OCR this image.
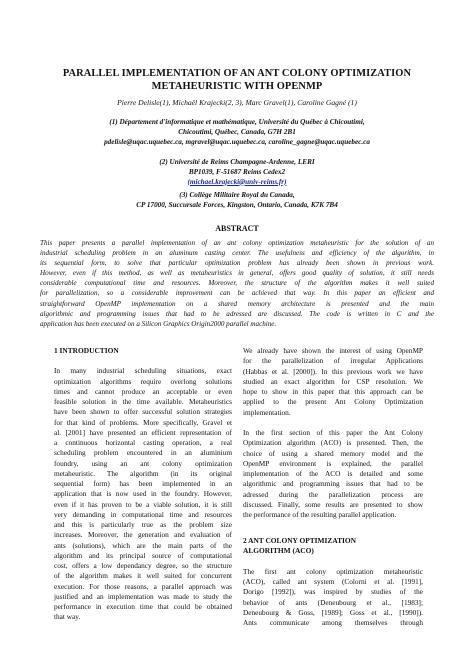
PARALLEL IMPLEMENTATION OF AN ANT COLONY OPTIMIZATION
METAHEURISTIC WITH OPENMP
Pierre Delisle(1), Michaël Krajecki(2, 3), Marc Gravel(1), Caroline Gagné (1)
(1) Département d'informatique et mathématique, Université du Québec à Chicoutimi,
Chicoutimi, Québec, Canada, G7H 2B1
pdelisle@uqac.uquebec.ca, mgravel@uqac.uquebec.ca, caroline_gagne@uqac.uquebec.ca
(2) Université de Reims Champagne-Ardenne, LERI
BP1039, F-51687 Reims Cedex2
(michael.krajecki@univ-reims.fr)
(3) Collège Militaire Royal du Canada,
CP 17000, Succursale Forces, Kingston, Ontario, Canada, K7K 7B4
ABSTRACT
This paper presents a parallel implementation of an ant colony optimization metaheuristic for the solution of an
industrial scheduling problem in an aluminum casting center. The usefulness and efficiency of the algorithm, in
its sequential form, to solve that particular optimization problem has already been shown in previous work.
However, even if this method, as well as metaheuristics in general, offers good quality of solution, it still needs
considerable computational time and resources. Moreover, the structure of the algorithm makes it well suited
for parallelization, so a considerable improvement can be achieved that way. In this paper an efficient and
straightforward OpenMP implementation on a shared memory architecture is presented and the main
algorithmic and programming issues that had to be adressed are discussed. The code is written in C and the
application has been executed on a Silicon Graphics Origin2000 parallel machine.
1 INTRODUCTION
In many industrial scheduling situations, exact
optimization algorithms require overlong solutions
times and cannot produce an acceptable or even
feasible solution in the time available. Metaheuristics
have been shown to offer successful solution strategies
for that kind of problems. More specifically, Gravel et
al. [2001] have presented an efficient representation of
a continuous horizontal casting operation, a real
scheduling problem encountered in an aluminium
foundry, using an ant colony optimization
metaheuristic. The algorithm (in its original
sequential form) has been implemented in an
application that is now used in the foundry. However,
even if it has proven to be a viable solution, it is still
very demanding in computational time and resources
and this is particularly true as the problem size
increases. Moreover, the generation and evaluation of
ants (solutions), which are the main parts of the
algorithm and its principal source of computational
cost, offers a low dependancy degree, so the structure
of the algorithm makes it well suited for concurrent
execution. For those reasons, a parallel approach was
justified and an implementation was made to study the
performance in execution time that could be obtained
that way.
We already have shown the interest of using OpenMP
for the parallelization of irregular Applications
(Habbas et al. [2000]). In this previous work we have
studied an exact algorithm for CSP resolution. We
hope to show in this paper that this approach can be
applied to the present Ant Colony Optimization
implementation.
In the first section of this paper the Ant Colony
Optimization algorithm (ACO) is presented. Then, the
choice of using a shared memory model and the
OpenMP environment is explained, the parallel
implementation of the ACO is detailed and some
algorithmic and programming issues that had to be
adressed during the parallelization process are
discussed. Finally, some results are presented to show
the performance of the resulting parallel application.
2 ANT COLONY OPTIMIZATION
ALGORITHM (ACO)
The first ant colony optimization metaheuristic
(ACO), called ant system (Colorni et al. [1991],
Dorigo [1992]), was inspired by studies of the
behavior of ants (Deneubourg et al., [1983];
Deneubourg & Goss, [1989]; Goss et al., [1990]).
Ants communicate among themselves through
